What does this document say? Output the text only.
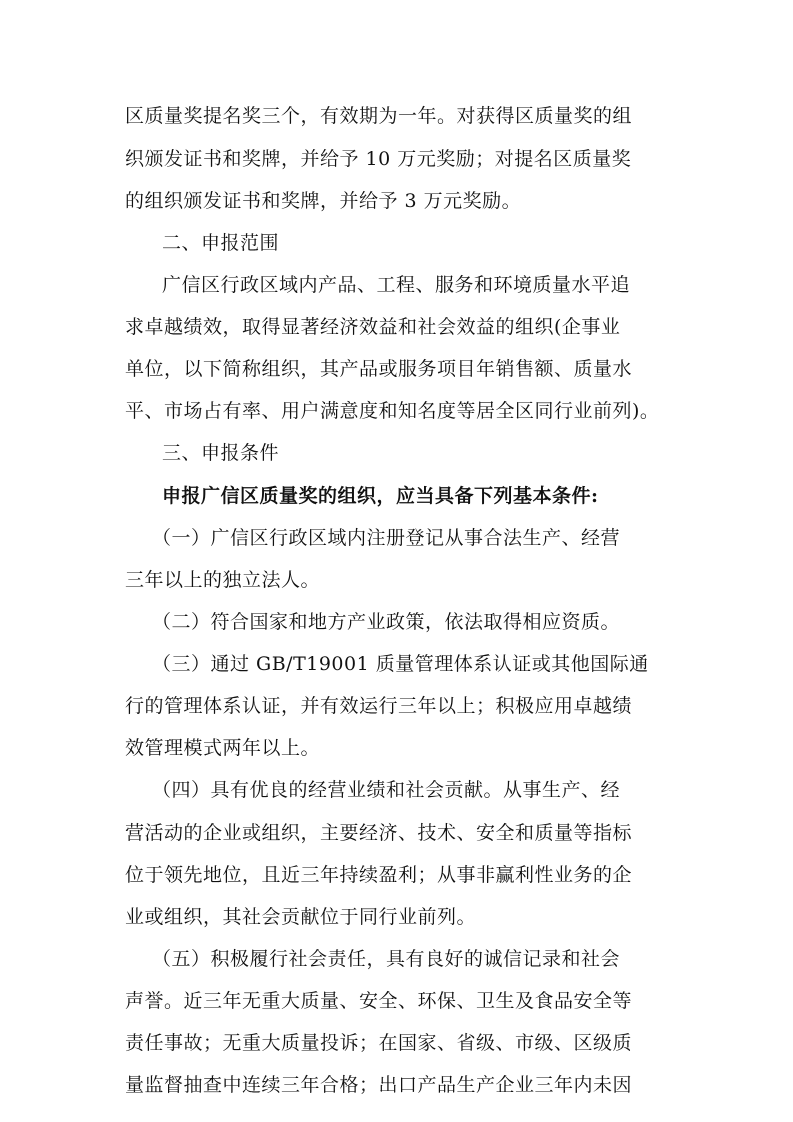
区质量奖提名奖三个，有效期为一年。对获得区质量奖的组
织颁发证书和奖牌，并给予 10 万元奖励；对提名区质量奖
的组织颁发证书和奖牌，并给予 3 万元奖励。
二、申报范围
广信区行政区域内产品、工程、服务和环境质量水平追
求卓越绩效，取得显著经济效益和社会效益的组织(企事业
单位，以下简称组织，其产品或服务项目年销售额、质量水
平、市场占有率、用户满意度和知名度等居全区同行业前列)。
三、申报条件
申报广信区质量奖的组织，应当具备下列基本条件:
（一）广信区行政区域内注册登记从事合法生产、经营
三年以上的独立法人。
（二）符合国家和地方产业政策，依法取得相应资质。
（三）通过 GB/T19001 质量管理体系认证或其他国际通
行的管理体系认证，并有效运行三年以上；积极应用卓越绩
效管理模式两年以上。
（四）具有优良的经营业绩和社会贡献。从事生产、经
营活动的企业或组织，主要经济、技术、安全和质量等指标
位于领先地位，且近三年持续盈利；从事非赢利性业务的企
业或组织，其社会贡献位于同行业前列。
（五）积极履行社会责任，具有良好的诚信记录和社会
声誉。近三年无重大质量、安全、环保、卫生及食品安全等
责任事故；无重大质量投诉；在国家、省级、市级、区级质
量监督抽查中连续三年合格；出口产品生产企业三年内未因
